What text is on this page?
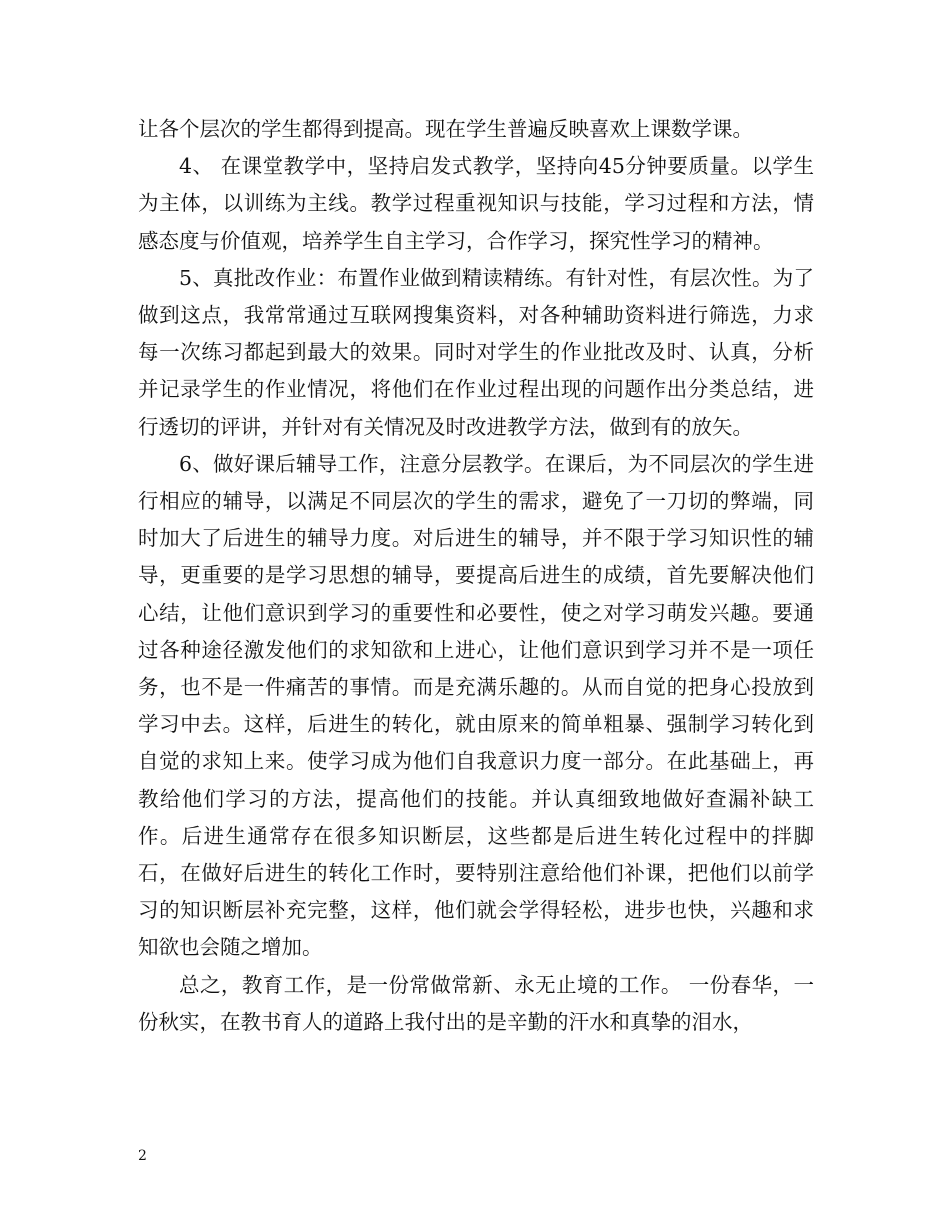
让各个层次的学生都得到提高。现在学生普遍反映喜欢上课数学课。

4、 在课堂教学中，坚持启发式教学，坚持向45分钟要质量。以学生为主体，以训练为主线。教学过程重视知识与技能，学习过程和方法，情感态度与价值观，培养学生自主学习，合作学习，探究性学习的精神。

5、真批改作业：布置作业做到精读精练。有针对性，有层次性。为了做到这点，我常常通过互联网搜集资料，对各种辅助资料进行筛选，力求每一次练习都起到最大的效果。同时对学生的作业批改及时、认真，分析并记录学生的作业情况，将他们在作业过程出现的问题作出分类总结，进行透切的评讲，并针对有关情况及时改进教学方法，做到有的放矢。

6、做好课后辅导工作，注意分层教学。在课后，为不同层次的学生进行相应的辅导，以满足不同层次的学生的需求，避免了一刀切的弊端，同时加大了后进生的辅导力度。对后进生的辅导，并不限于学习知识性的辅导，更重要的是学习思想的辅导，要提高后进生的成绩，首先要解决他们心结，让他们意识到学习的重要性和必要性，使之对学习萌发兴趣。要通过各种途径激发他们的求知欲和上进心，让他们意识到学习并不是一项任务，也不是一件痛苦的事情。而是充满乐趣的。从而自觉的把身心投放到学习中去。这样，后进生的转化，就由原来的简单粗暴、强制学习转化到自觉的求知上来。使学习成为他们自我意识力度一部分。在此基础上，再教给他们学习的方法，提高他们的技能。并认真细致地做好查漏补缺工作。后进生通常存在很多知识断层，这些都是后进生转化过程中的拌脚石，在做好后进生的转化工作时，要特别注意给他们补课，把他们以前学习的知识断层补充完整，这样，他们就会学得轻松，进步也快，兴趣和求知欲也会随之增加。

总之，教育工作，是一份常做常新、永无止境的工作。 一份春华，一份秋实，在教书育人的道路上我付出的是辛勤的汗水和真挚的泪水，

2
